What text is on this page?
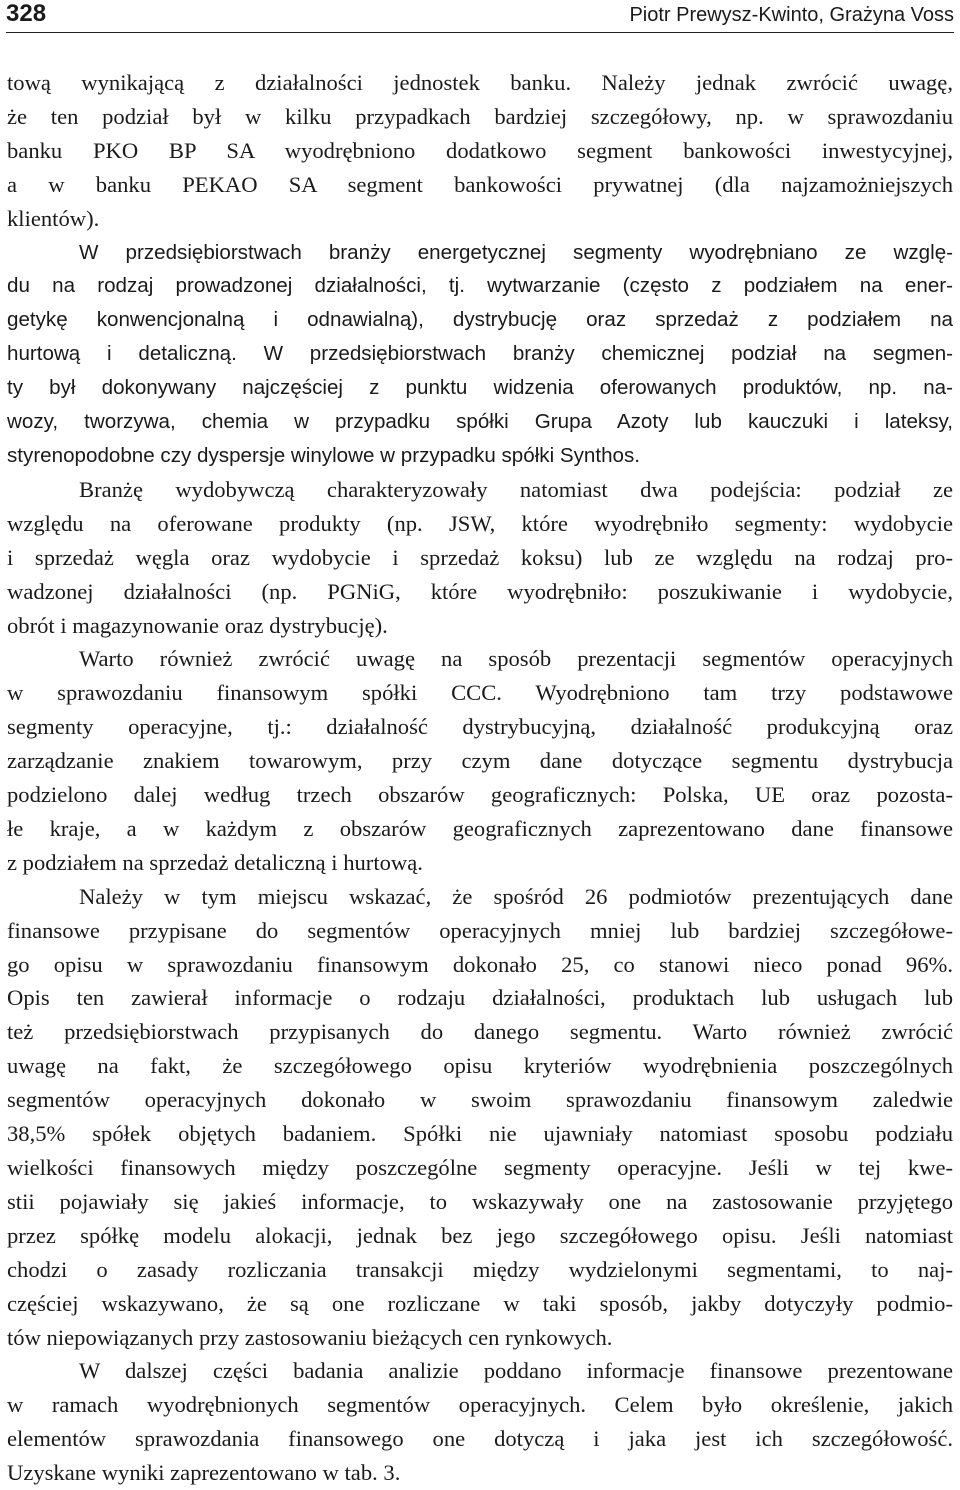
328	Piotr Prewysz-Kwinto, Grażyna Voss
tową wynikającą z działalności jednostek banku. Należy jednak zwrócić uwagę,
że ten podział był w kilku przypadkach bardziej szczegółowy, np. w sprawozdaniu
banku PKO BP SA wyodrębniono dodatkowo segment bankowości inwestycyjnej,
a w banku PEKAO SA segment bankowości prywatnej (dla najzamożniejszych
klientów).
W przedsiębiorstwach branży energetycznej segmenty wyodrębniano ze wzglę-
du na rodzaj prowadzonej działalności, tj. wytwarzanie (często z podziałem na ener-
getykę konwencjonalną i odnawialną), dystrybucję oraz sprzedaż z podziałem na
hurtową i detaliczną. W przedsiębiorstwach branży chemicznej podział na segmen-
ty był dokonywany najczęściej z punktu widzenia oferowanych produktów, np. na-
wozy, tworzywa, chemia w przypadku spółki Grupa Azoty lub kauczuki i lateksy,
styrenopodobne czy dyspersje winylowe w przypadku spółki Synthos.
Branżę wydobywczą charakteryzowały natomiast dwa podejścia: podział ze
względu na oferowane produkty (np. JSW, które wyodrębniło segmenty: wydobycie
i sprzedaż węgla oraz wydobycie i sprzedaż koksu) lub ze względu na rodzaj pro-
wadzonej działalności (np. PGNiG, które wyodrębniło: poszukiwanie i wydobycie,
obrót i magazynowanie oraz dystrybucję).
Warto również zwrócić uwagę na sposób prezentacji segmentów operacyjnych
w sprawozdaniu finansowym spółki CCC. Wyodrębniono tam trzy podstawowe
segmenty operacyjne, tj.: działalność dystrybucyjną, działalność produkcyjną oraz
zarządzanie znakiem towarowym, przy czym dane dotyczące segmentu dystrybucja
podzielono dalej według trzech obszarów geograficznych: Polska, UE oraz pozosta-
łe kraje, a w każdym z obszarów geograficznych zaprezentowano dane finansowe
z podziałem na sprzedaż detaliczną i hurtową.
Należy w tym miejscu wskazać, że spośród 26 podmiotów prezentujących dane
finansowe przypisane do segmentów operacyjnych mniej lub bardziej szczegółowe-
go opisu w sprawozdaniu finansowym dokonało 25, co stanowi nieco ponad 96%.
Opis ten zawierał informacje o rodzaju działalności, produktach lub usługach lub
też przedsiębiorstwach przypisanych do danego segmentu. Warto również zwrócić
uwagę na fakt, że szczegółowego opisu kryteriów wyodrębnienia poszczególnych
segmentów operacyjnych dokonało w swoim sprawozdaniu finansowym zaledwie
38,5% spółek objętych badaniem. Spółki nie ujawniały natomiast sposobu podziału
wielkości finansowych między poszczególne segmenty operacyjne. Jeśli w tej kwe-
stii pojawiały się jakieś informacje, to wskazywały one na zastosowanie przyjętego
przez spółkę modelu alokacji, jednak bez jego szczegółowego opisu. Jeśli natomiast
chodzi o zasady rozliczania transakcji między wydzielonymi segmentami, to naj-
częściej wskazywano, że są one rozliczane w taki sposób, jakby dotyczyły podmio-
tów niepowiązanych przy zastosowaniu bieżących cen rynkowych.
W dalszej części badania analizie poddano informacje finansowe prezentowane
w ramach wyodrębnionych segmentów operacyjnych. Celem było określenie, jakich
elementów sprawozdania finansowego one dotyczą i jaka jest ich szczegółowość.
Uzyskane wyniki zaprezentowano w tab. 3.
